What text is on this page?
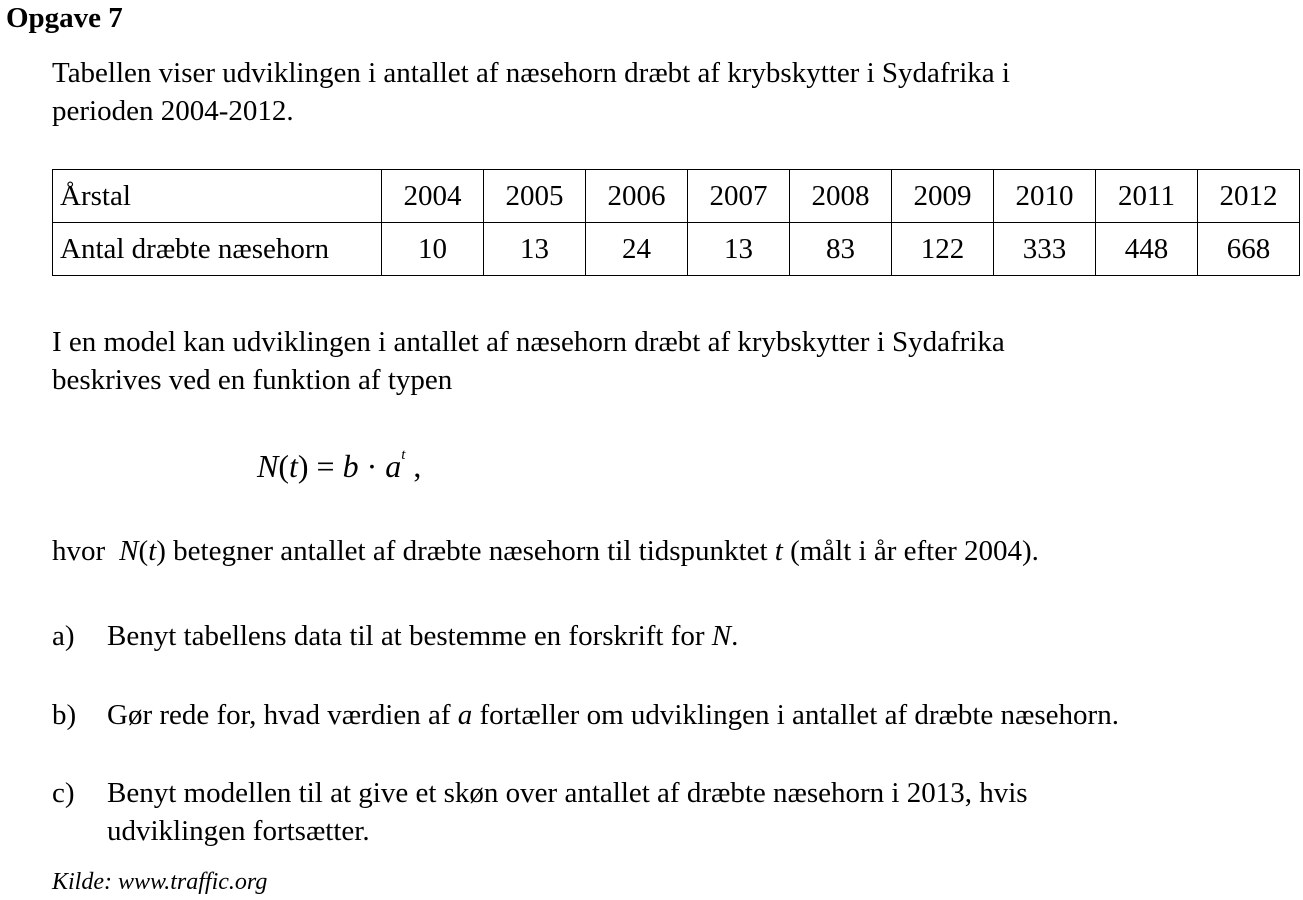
Opgave 7
Tabellen viser udviklingen i antallet af næsehorn dræbt af krybskytter i Sydafrika i
perioden 2004-2012.
Årstal	2004	2005	2006	2007	2008	2009	2010	2011	2012
Antal dræbte næsehorn	10	13	24	13	83	122	333	448	668
I en model kan udviklingen i antallet af næsehorn dræbt af krybskytter i Sydafrika
beskrives ved en funktion af typen
$N(t) = b \cdot a^t$ ,
hvor N(t) betegner antallet af dræbte næsehorn til tidspunktet t (målt i år efter 2004).
a) Benyt tabellens data til at bestemme en forskrift for N.
b) Gør rede for, hvad værdien af a fortæller om udviklingen i antallet af dræbte næsehorn.
c) Benyt modellen til at give et skøn over antallet af dræbte næsehorn i 2013, hvis
udviklingen fortsætter.
Kilde: www.traffic.org
